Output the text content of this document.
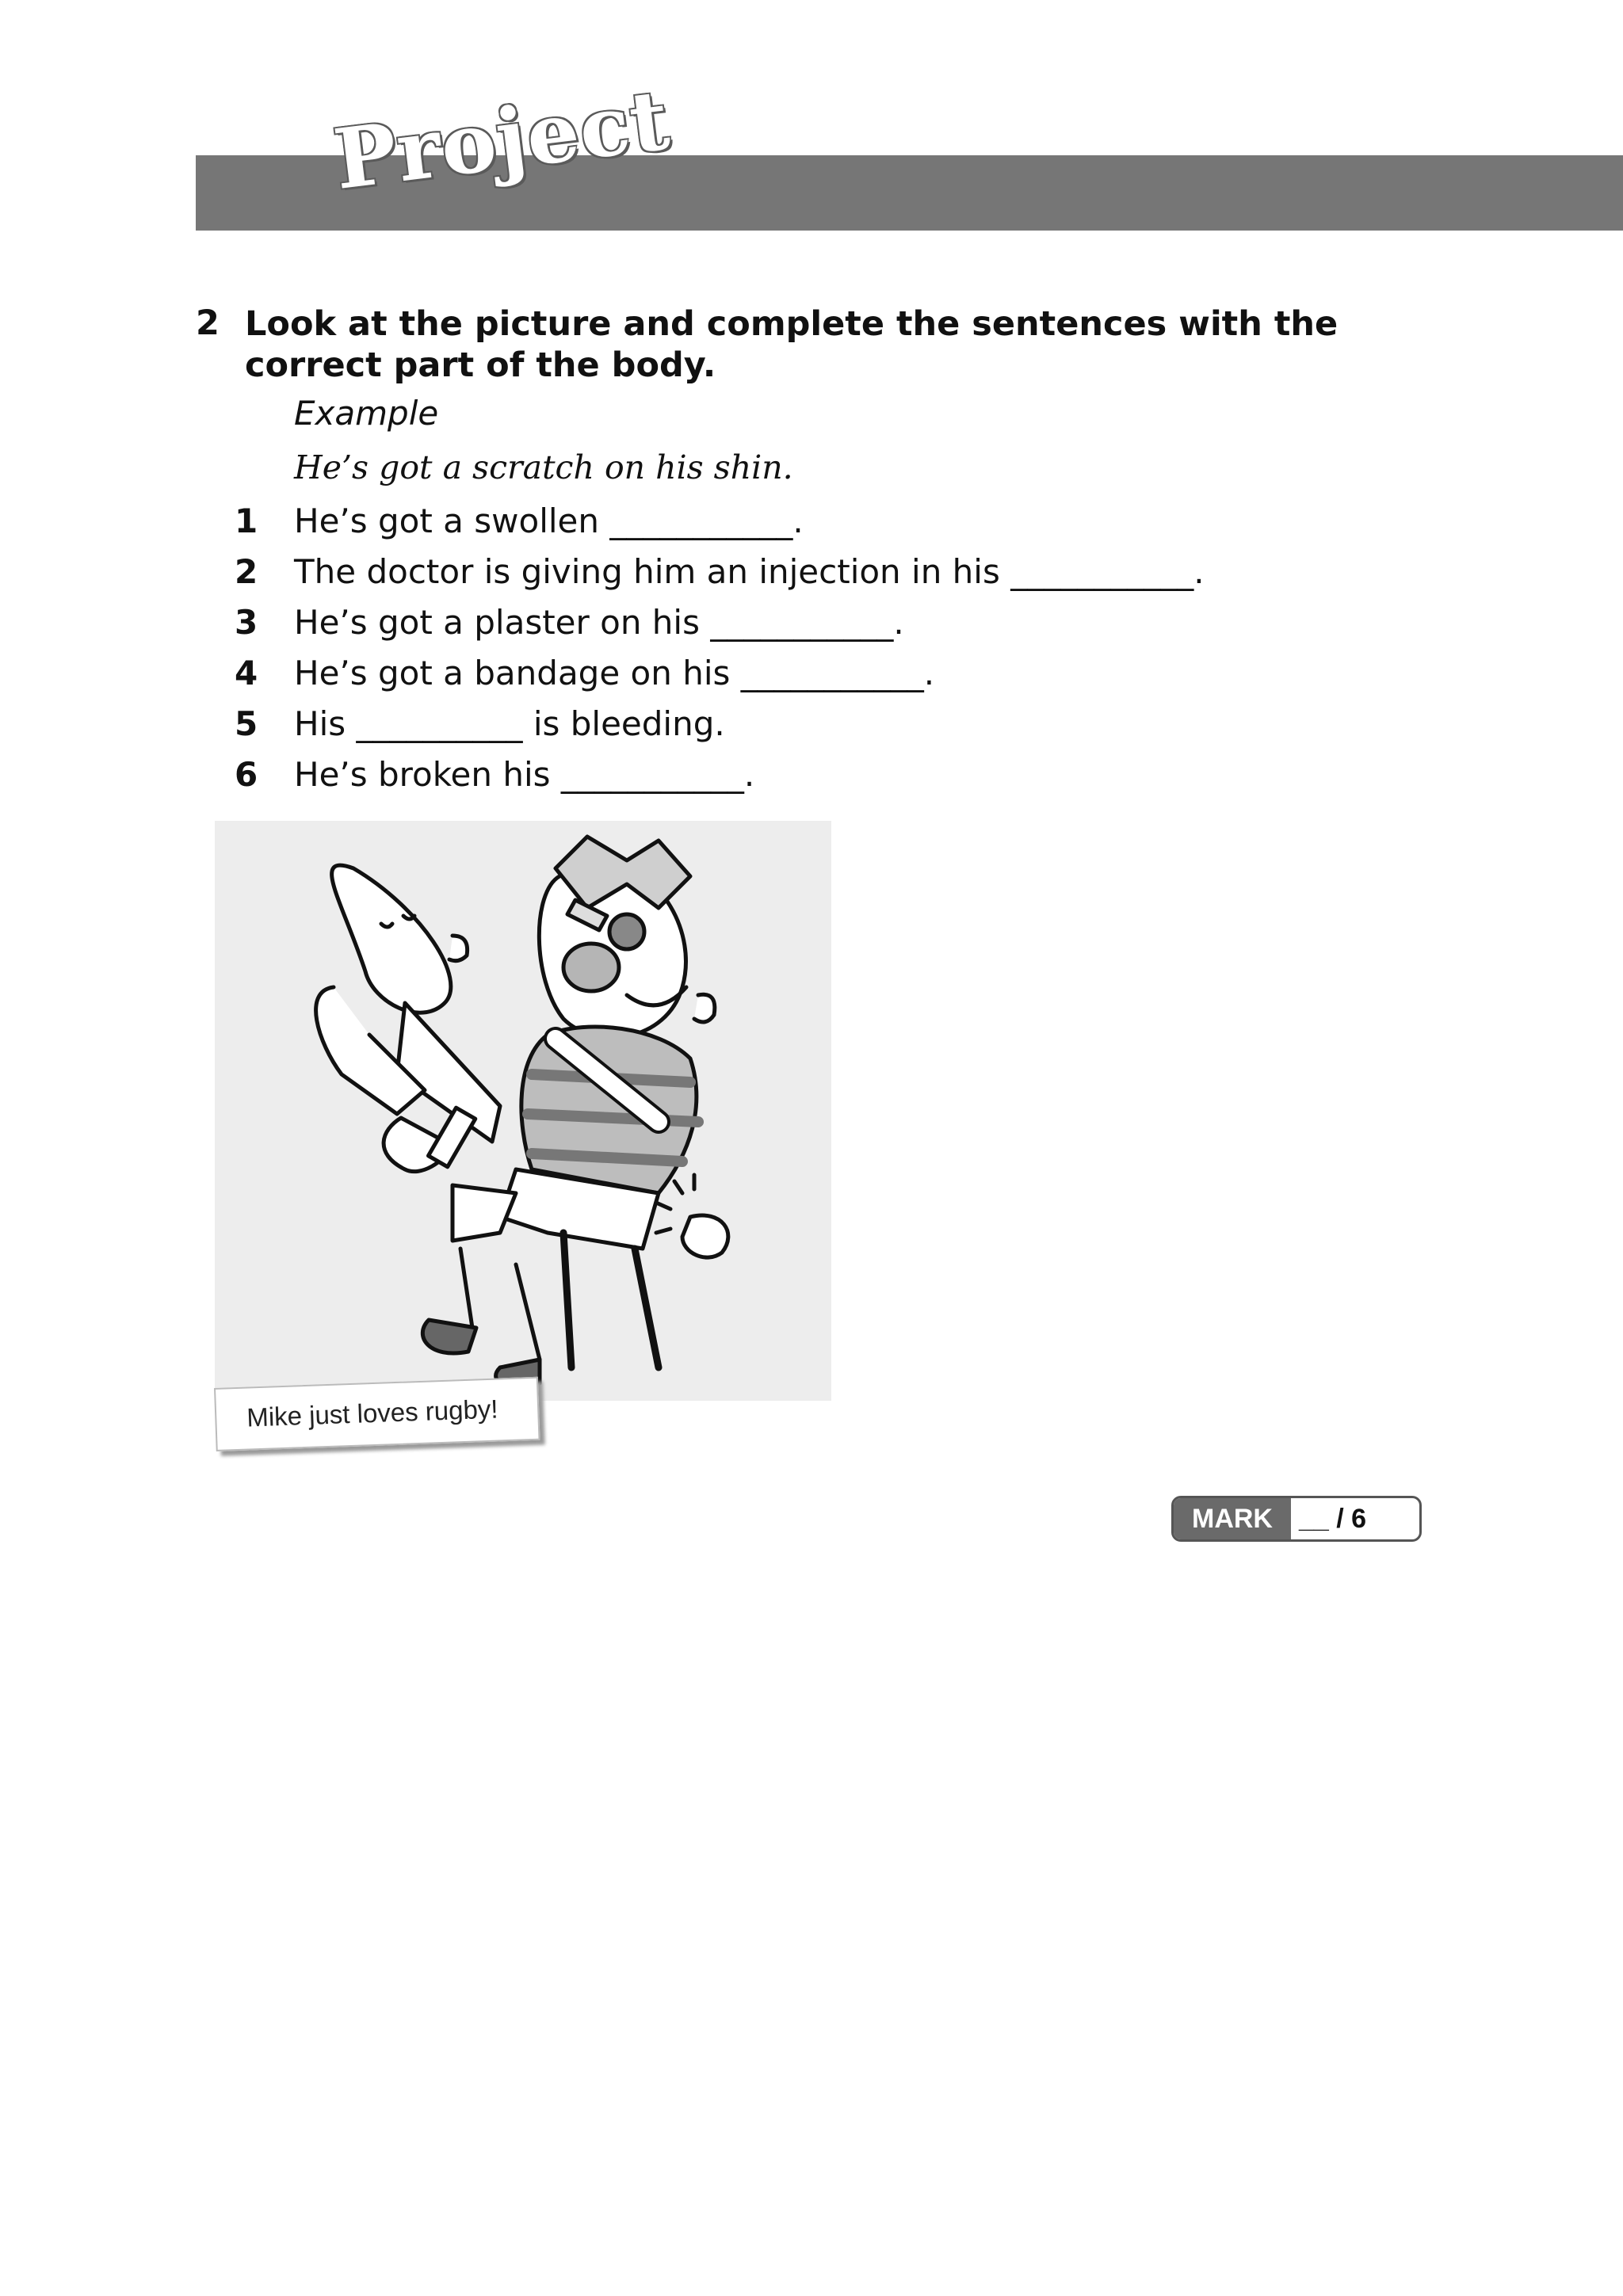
Project
2 Look at the picture and complete the sentences with the correct part of the body.
Example
He’s got a scratch on his shin.
1 He’s got a swollen ___________.
2 The doctor is giving him an injection in his ___________.
3 He’s got a plaster on his ___________.
4 He’s got a bandage on his ___________.
5 His __________ is bleeding.
6 He’s broken his ___________.
Mike just loves rugby!
MARK __ / 6
